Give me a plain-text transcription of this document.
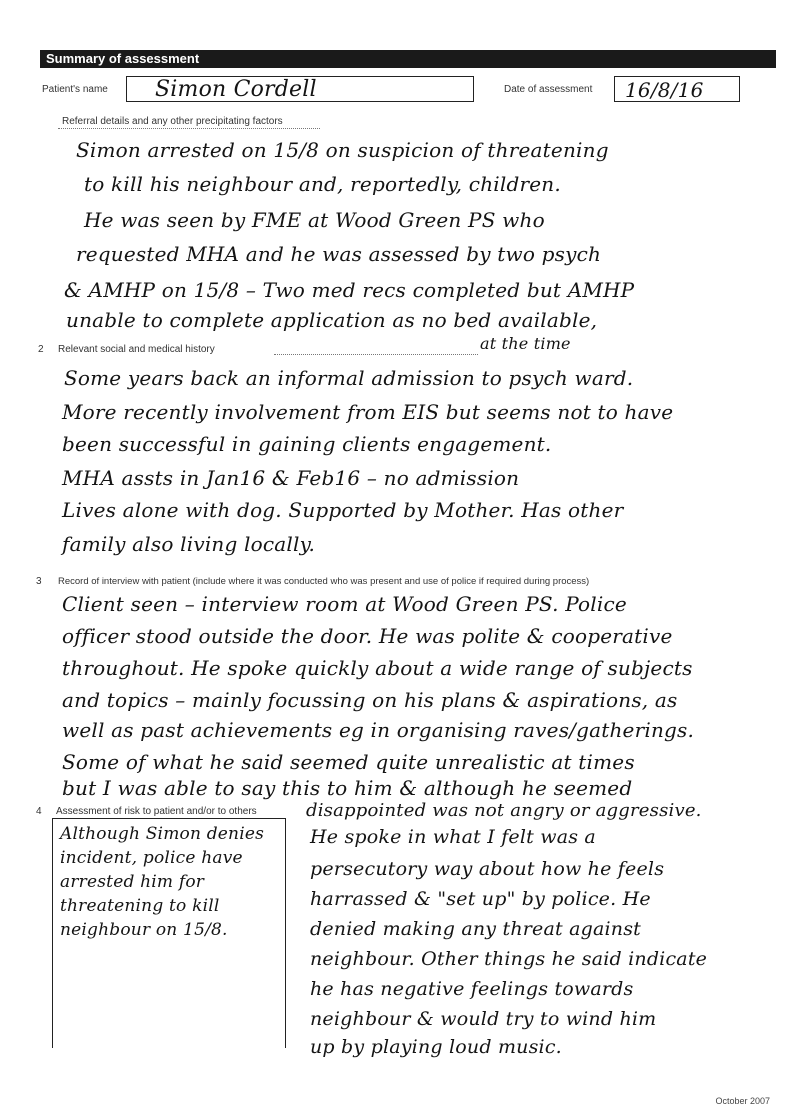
Summary of assessment
Patient's name Simon Cordell	Date of assessment 16/8/16
Referral details and any other precipitating factors
Simon arrested on 15/8 on suspicion of threatening
to kill his neighbour and, reportedly, children.
He was seen by FME at Wood Green PS who
requested MHA and he was assessed by two psych
& AMHP on 15/8 – Two med recs completed but AMHP
unable to complete application as no bed available,
at the time
2 Relevant social and medical history
Some years back an informal admission to psych ward.
More recently involvement from EIS but seems not to have
been successful in gaining clients engagement.
MHA assts in Jan16 & Feb16 – no admission
Lives alone with dog. Supported by Mother. Has other
family also living locally.
3 Record of interview with patient (include where it was conducted who was present and use of police if required during process)
Client seen – interview room at Wood Green PS. Police
officer stood outside the door. He was polite & cooperative
throughout. He spoke quickly about a wide range of subjects
and topics – mainly focussing on his plans & aspirations, as
well as past achievements eg in organising raves/gatherings.
Some of what he said seemed quite unrealistic at times
but I was able to say this to him & although he seemed
4 Assessment of risk to patient and/or to others	disappointed was not angry or aggressive.
Although Simon denies
incident, police have
arrested him for
threatening to kill
neighbour on 15/8.
He spoke in what I felt was a
persecutory way about how he feels
harrassed & "set up" by police. He
denied making any threat against
neighbour. Other things he said indicate
he has negative feelings towards
neighbour & would try to wind him
up by playing loud music.
October 2007
